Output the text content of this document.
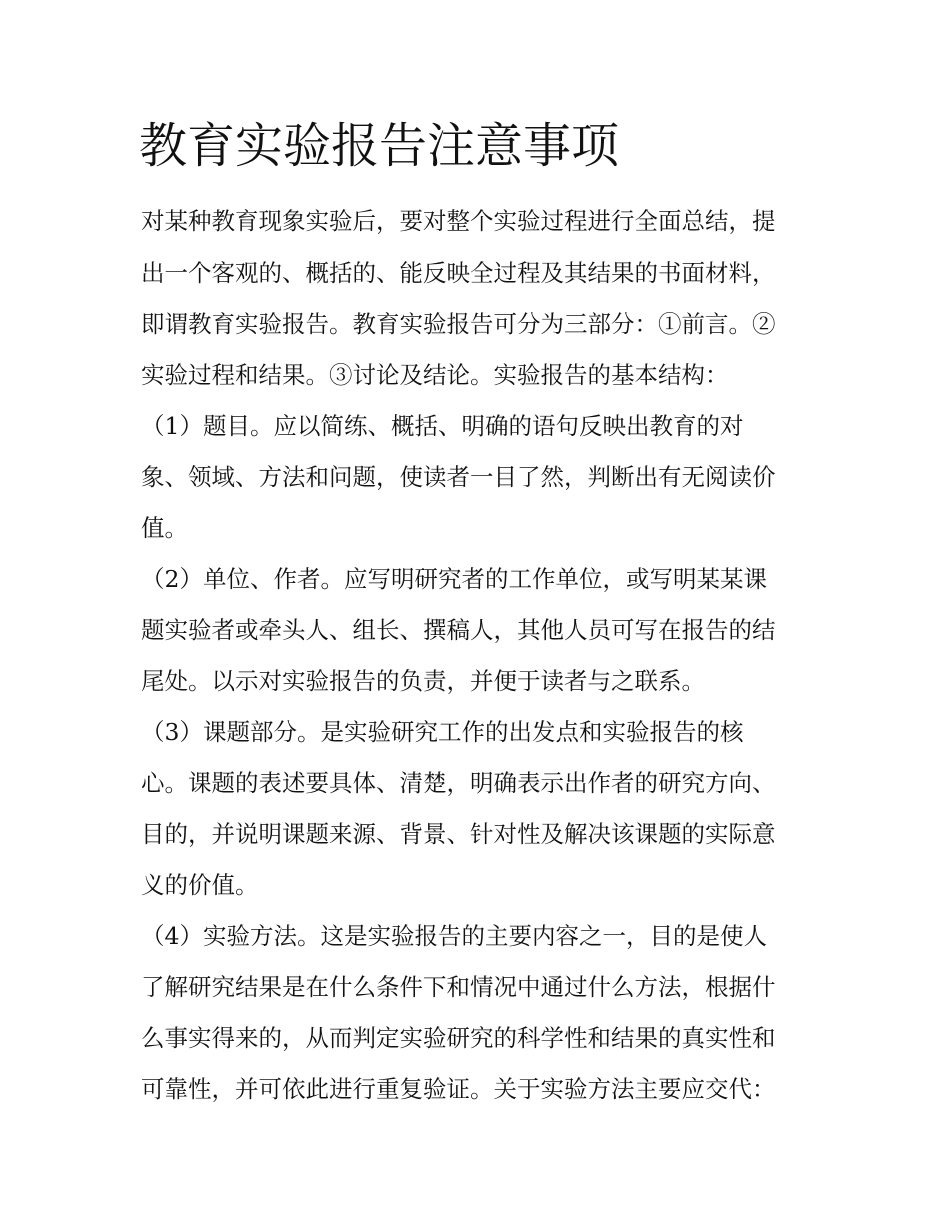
教育实验报告注意事项

对某种教育现象实验后，要对整个实验过程进行全面总结，提

出一个客观的、概括的、能反映全过程及其结果的书面材料，

即谓教育实验报告。教育实验报告可分为三部分：①前言。②

实验过程和结果。③讨论及结论。实验报告的基本结构：

（1）题目。应以简练、概括、明确的语句反映出教育的对

象、领域、方法和问题，使读者一目了然，判断出有无阅读价

值。

（2）单位、作者。应写明研究者的工作单位，或写明某某课

题实验者或牵头人、组长、撰稿人，其他人员可写在报告的结

尾处。以示对实验报告的负责，并便于读者与之联系。

（3）课题部分。是实验研究工作的出发点和实验报告的核

心。课题的表述要具体、清楚，明确表示出作者的研究方向、

目的，并说明课题来源、背景、针对性及解决该课题的实际意

义的价值。

（4）实验方法。这是实验报告的主要内容之一，目的是使人

了解研究结果是在什么条件下和情况中通过什么方法，根据什

么事实得来的，从而判定实验研究的科学性和结果的真实性和

可靠性，并可依此进行重复验证。关于实验方法主要应交代：
